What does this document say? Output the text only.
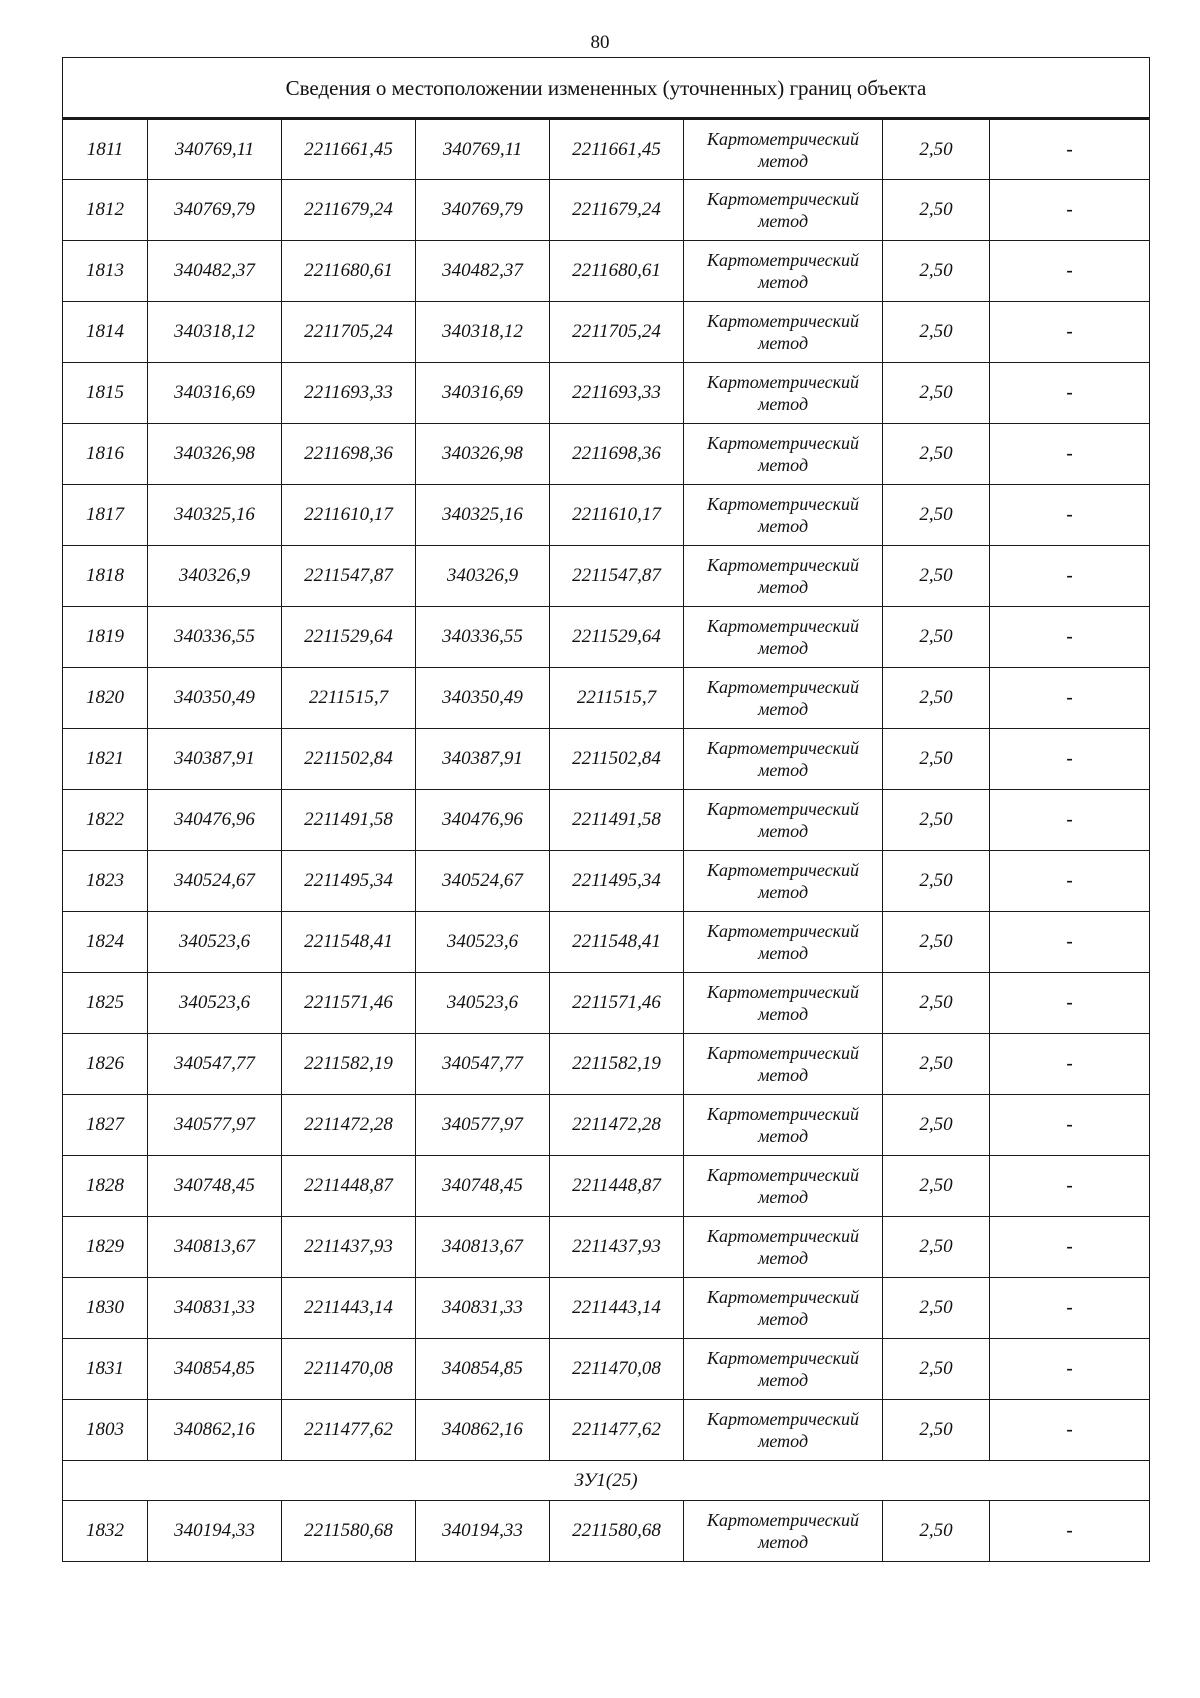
80
Сведения о местоположении измененных (уточненных) границ объекта							
1811	340769,11	2211661,45	340769,11	2211661,45	Картометрический метод	2,50	-
1812	340769,79	2211679,24	340769,79	2211679,24	Картометрический метод	2,50	-
1813	340482,37	2211680,61	340482,37	2211680,61	Картометрический метод	2,50	-
1814	340318,12	2211705,24	340318,12	2211705,24	Картометрический метод	2,50	-
1815	340316,69	2211693,33	340316,69	2211693,33	Картометрический метод	2,50	-
1816	340326,98	2211698,36	340326,98	2211698,36	Картометрический метод	2,50	-
1817	340325,16	2211610,17	340325,16	2211610,17	Картометрический метод	2,50	-
1818	340326,9	2211547,87	340326,9	2211547,87	Картометрический метод	2,50	-
1819	340336,55	2211529,64	340336,55	2211529,64	Картометрический метод	2,50	-
1820	340350,49	2211515,7	340350,49	2211515,7	Картометрический метод	2,50	-
1821	340387,91	2211502,84	340387,91	2211502,84	Картометрический метод	2,50	-
1822	340476,96	2211491,58	340476,96	2211491,58	Картометрический метод	2,50	-
1823	340524,67	2211495,34	340524,67	2211495,34	Картометрический метод	2,50	-
1824	340523,6	2211548,41	340523,6	2211548,41	Картометрический метод	2,50	-
1825	340523,6	2211571,46	340523,6	2211571,46	Картометрический метод	2,50	-
1826	340547,77	2211582,19	340547,77	2211582,19	Картометрический метод	2,50	-
1827	340577,97	2211472,28	340577,97	2211472,28	Картометрический метод	2,50	-
1828	340748,45	2211448,87	340748,45	2211448,87	Картометрический метод	2,50	-
1829	340813,67	2211437,93	340813,67	2211437,93	Картометрический метод	2,50	-
1830	340831,33	2211443,14	340831,33	2211443,14	Картометрический метод	2,50	-
1831	340854,85	2211470,08	340854,85	2211470,08	Картометрический метод	2,50	-
1803	340862,16	2211477,62	340862,16	2211477,62	Картометрический метод	2,50	-
ЗУ1(25)							
1832	340194,33	2211580,68	340194,33	2211580,68	Картометрический метод	2,50	-
